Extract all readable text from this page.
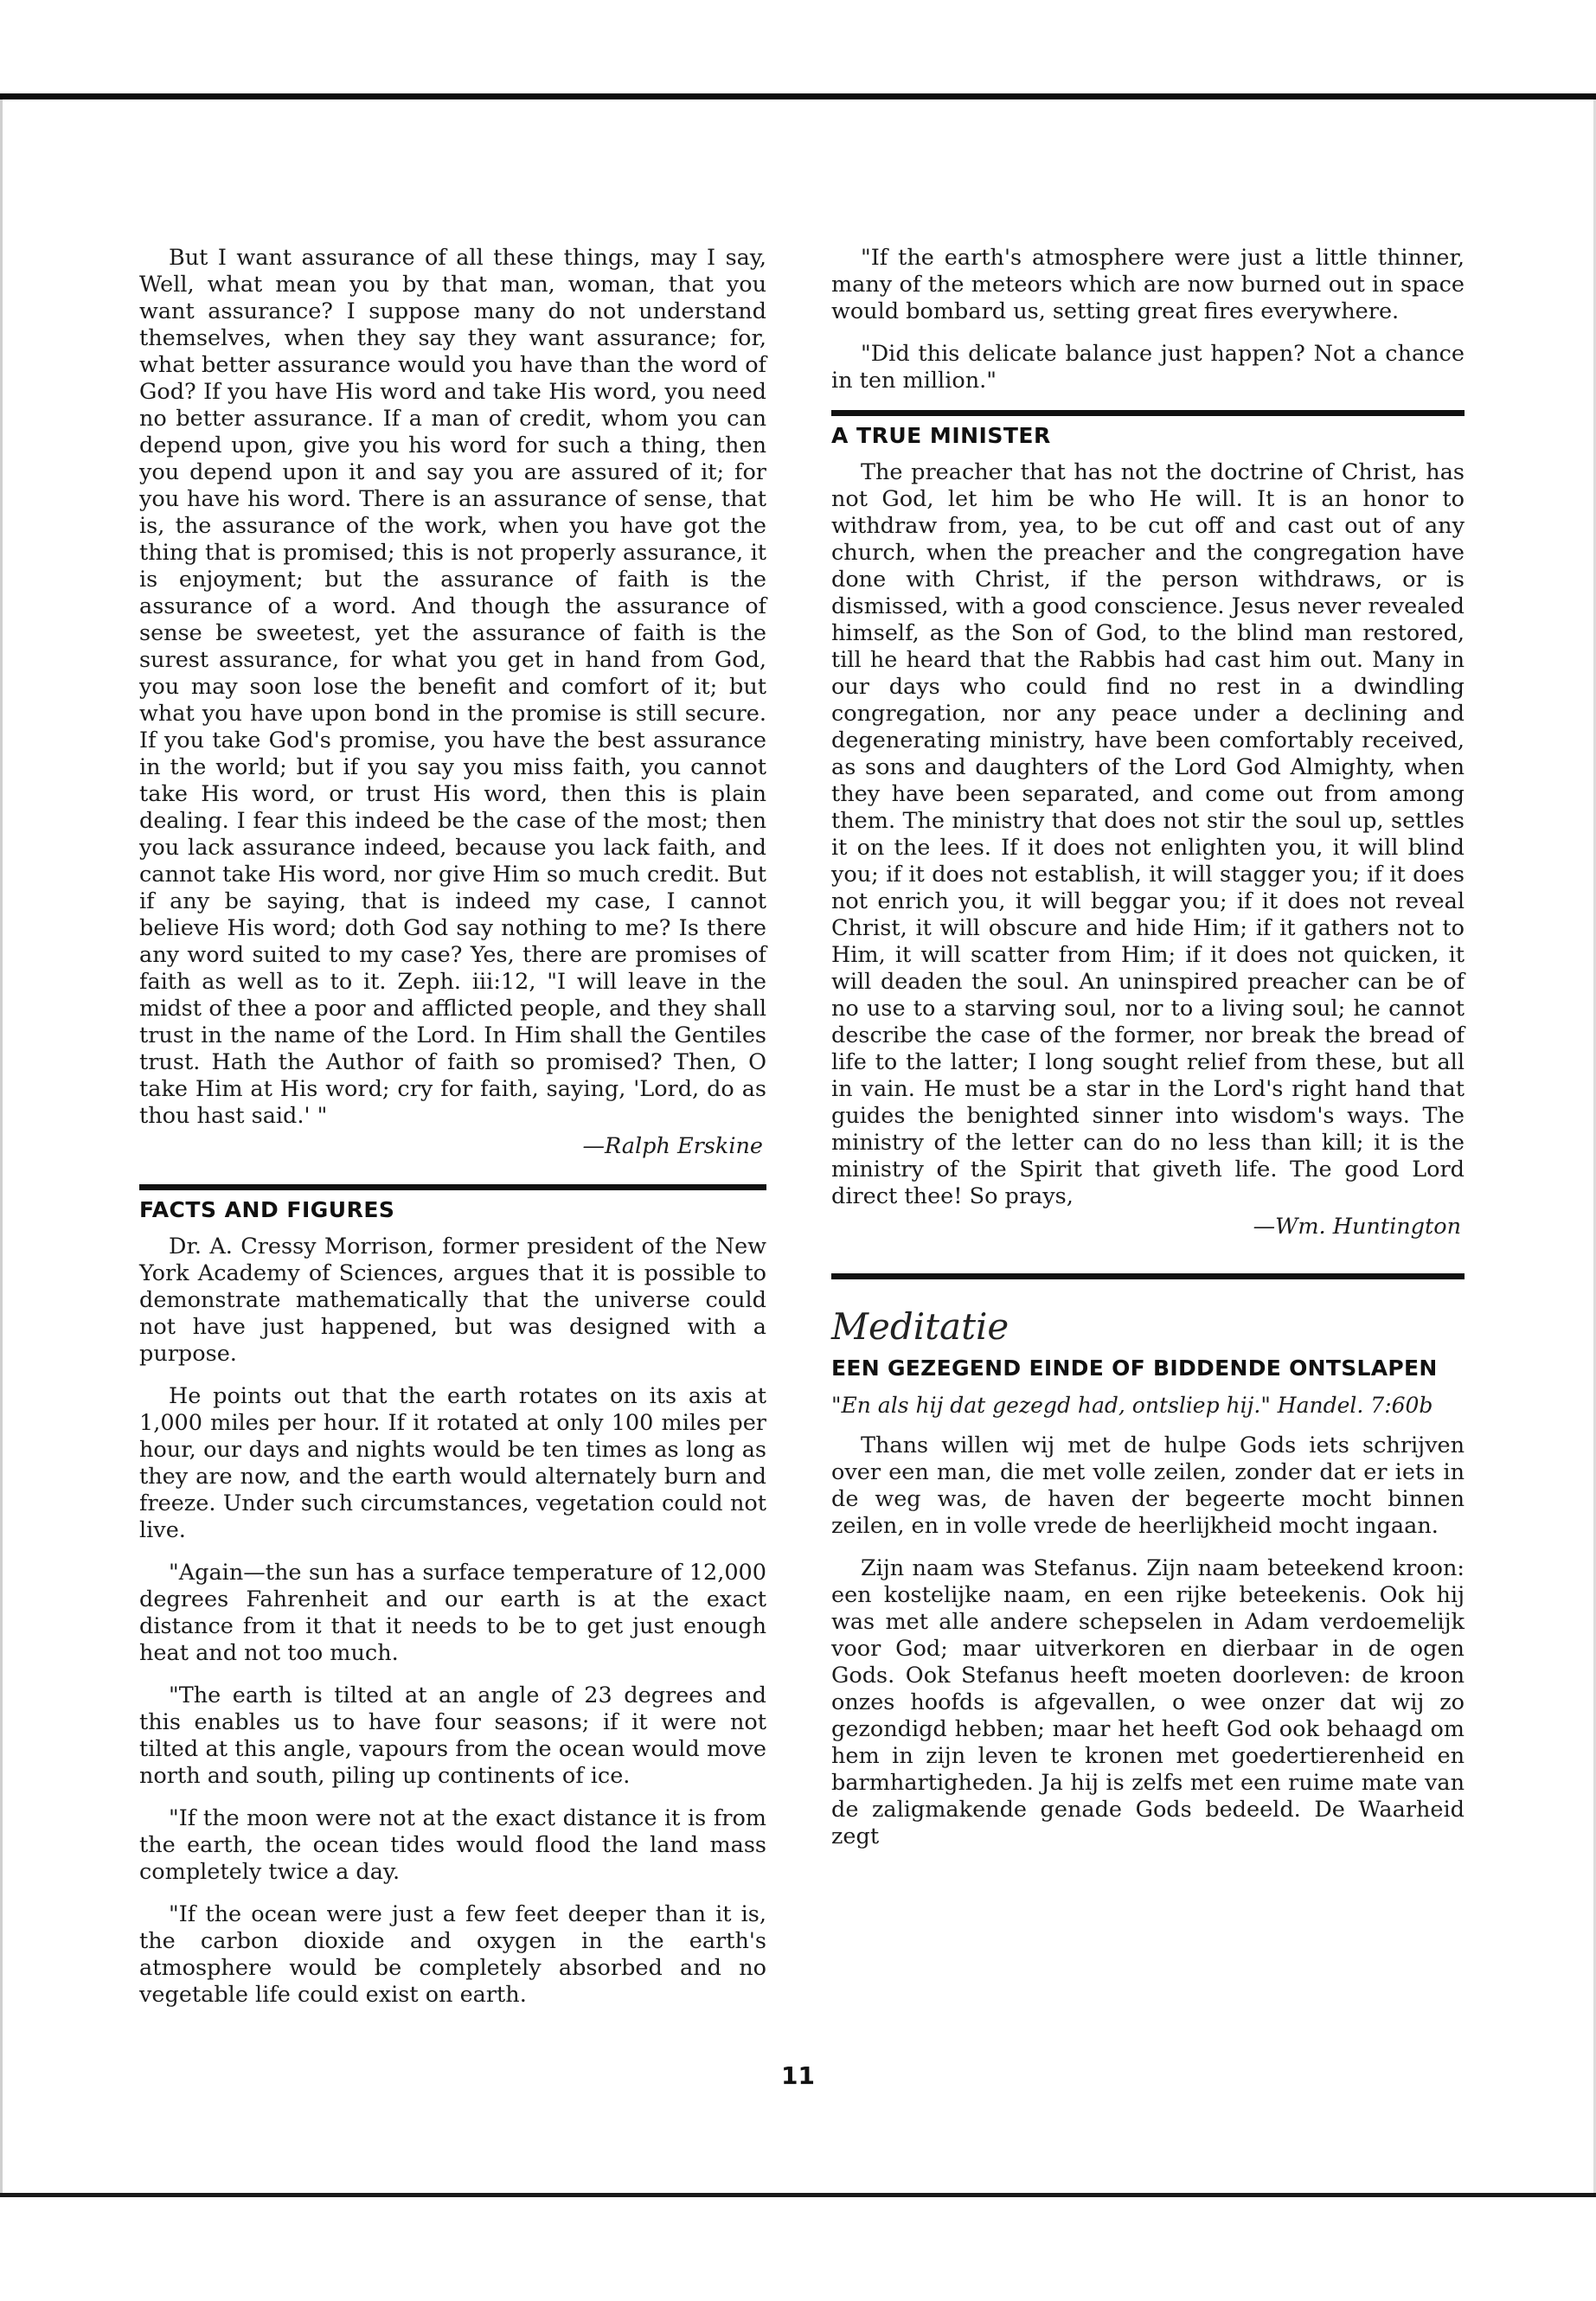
But I want assurance of all these things, may I say, Well, what mean you by that man, woman, that you want assurance? I suppose many do not understand themselves, when they say they want assurance; for, what better assurance would you have than the word of God? If you have His word and take His word, you need no better assurance. If a man of credit, whom you can depend upon, give you his word for such a thing, then you depend upon it and say you are assured of it; for you have his word. There is an assurance of sense, that is, the assurance of the work, when you have got the thing that is promised; this is not properly assurance, it is enjoyment; but the assurance of faith is the assurance of a word. And though the assurance of sense be sweetest, yet the assurance of faith is the surest assurance, for what you get in hand from God, you may soon lose the benefit and comfort of it; but what you have upon bond in the promise is still secure. If you take God's promise, you have the best assurance in the world; but if you say you miss faith, you cannot take His word, or trust His word, then this is plain dealing. I fear this indeed be the case of the most; then you lack assurance indeed, because you lack faith, and cannot take His word, nor give Him so much credit. But if any be saying, that is indeed my case, I cannot believe His word; doth God say nothing to me? Is there any word suited to my case? Yes, there are promises of faith as well as to it. Zeph. iii:12, "I will leave in the midst of thee a poor and afflicted people, and they shall trust in the name of the Lord. In Him shall the Gentiles trust. Hath the Author of faith so promised? Then, O take Him at His word; cry for faith, saying, 'Lord, do as thou hast said.' "

—Ralph Erskine
FACTS AND FIGURES

Dr. A. Cressy Morrison, former president of the New York Academy of Sciences, argues that it is possible to demonstrate mathematically that the universe could not have just happened, but was designed with a purpose.

He points out that the earth rotates on its axis at 1,000 miles per hour. If it rotated at only 100 miles per hour, our days and nights would be ten times as long as they are now, and the earth would alternately burn and freeze. Under such circumstances, vegetation could not live.

"Again—the sun has a surface temperature of 12,000 degrees Fahrenheit and our earth is at the exact distance from it that it needs to be to get just enough heat and not too much.

"The earth is tilted at an angle of 23 degrees and this enables us to have four seasons; if it were not tilted at this angle, vapours from the ocean would move north and south, piling up continents of ice.

"If the moon were not at the exact distance it is from the earth, the ocean tides would flood the land mass completely twice a day.

"If the ocean were just a few feet deeper than it is, the carbon dioxide and oxygen in the earth's atmosphere would be completely absorbed and no vegetable life could exist on earth.

"If the earth's atmosphere were just a little thinner, many of the meteors which are now burned out in space would bombard us, setting great fires everywhere.

"Did this delicate balance just happen? Not a chance in ten million."

A TRUE MINISTER

The preacher that has not the doctrine of Christ, has not God, let him be who He will. It is an honor to withdraw from, yea, to be cut off and cast out of any church, when the preacher and the congregation have done with Christ, if the person withdraws, or is dismissed, with a good conscience. Jesus never revealed himself, as the Son of God, to the blind man restored, till he heard that the Rabbis had cast him out. Many in our days who could find no rest in a dwindling congregation, nor any peace under a declining and degenerating ministry, have been comfortably received, as sons and daughters of the Lord God Almighty, when they have been separated, and come out from among them. The ministry that does not stir the soul up, settles it on the lees. If it does not enlighten you, it will blind you; if it does not establish, it will stagger you; if it does not enrich you, it will beggar you; if it does not reveal Christ, it will obscure and hide Him; if it gathers not to Him, it will scatter from Him; if it does not quicken, it will deaden the soul. An uninspired preacher can be of no use to a starving soul, nor to a living soul; he cannot describe the case of the former, nor break the bread of life to the latter; I long sought relief from these, but all in vain. He must be a star in the Lord's right hand that guides the benighted sinner into wisdom's ways. The ministry of the letter can do no less than kill; it is the ministry of the Spirit that giveth life. The good Lord direct thee! So prays,

—Wm. Huntington
Meditatie
EEN GEZEGEND EINDE OF BIDDENDE ONTSLAPEN

"En als hij dat gezegd had, ontsliep hij." Handel. 7:60b

Thans willen wij met de hulpe Gods iets schrijven over een man, die met volle zeilen, zonder dat er iets in de weg was, de haven der begeerte mocht binnen zeilen, en in volle vrede de heerlijkheid mocht ingaan.

Zijn naam was Stefanus. Zijn naam beteekend kroon: een kostelijke naam, en een rijke beteekenis. Ook hij was met alle andere schepselen in Adam verdoemelijk voor God; maar uitverkoren en dierbaar in de ogen Gods. Ook Stefanus heeft moeten doorleven: de kroon onzes hoofds is afgevallen, o wee onzer dat wij zo gezondigd hebben; maar het heeft God ook behaagd om hem in zijn leven te kronen met goedertierenheid en barmhartigheden. Ja hij is zelfs met een ruime mate van de zaligmakende genade Gods bedeeld. De Waarheid zegt

11
